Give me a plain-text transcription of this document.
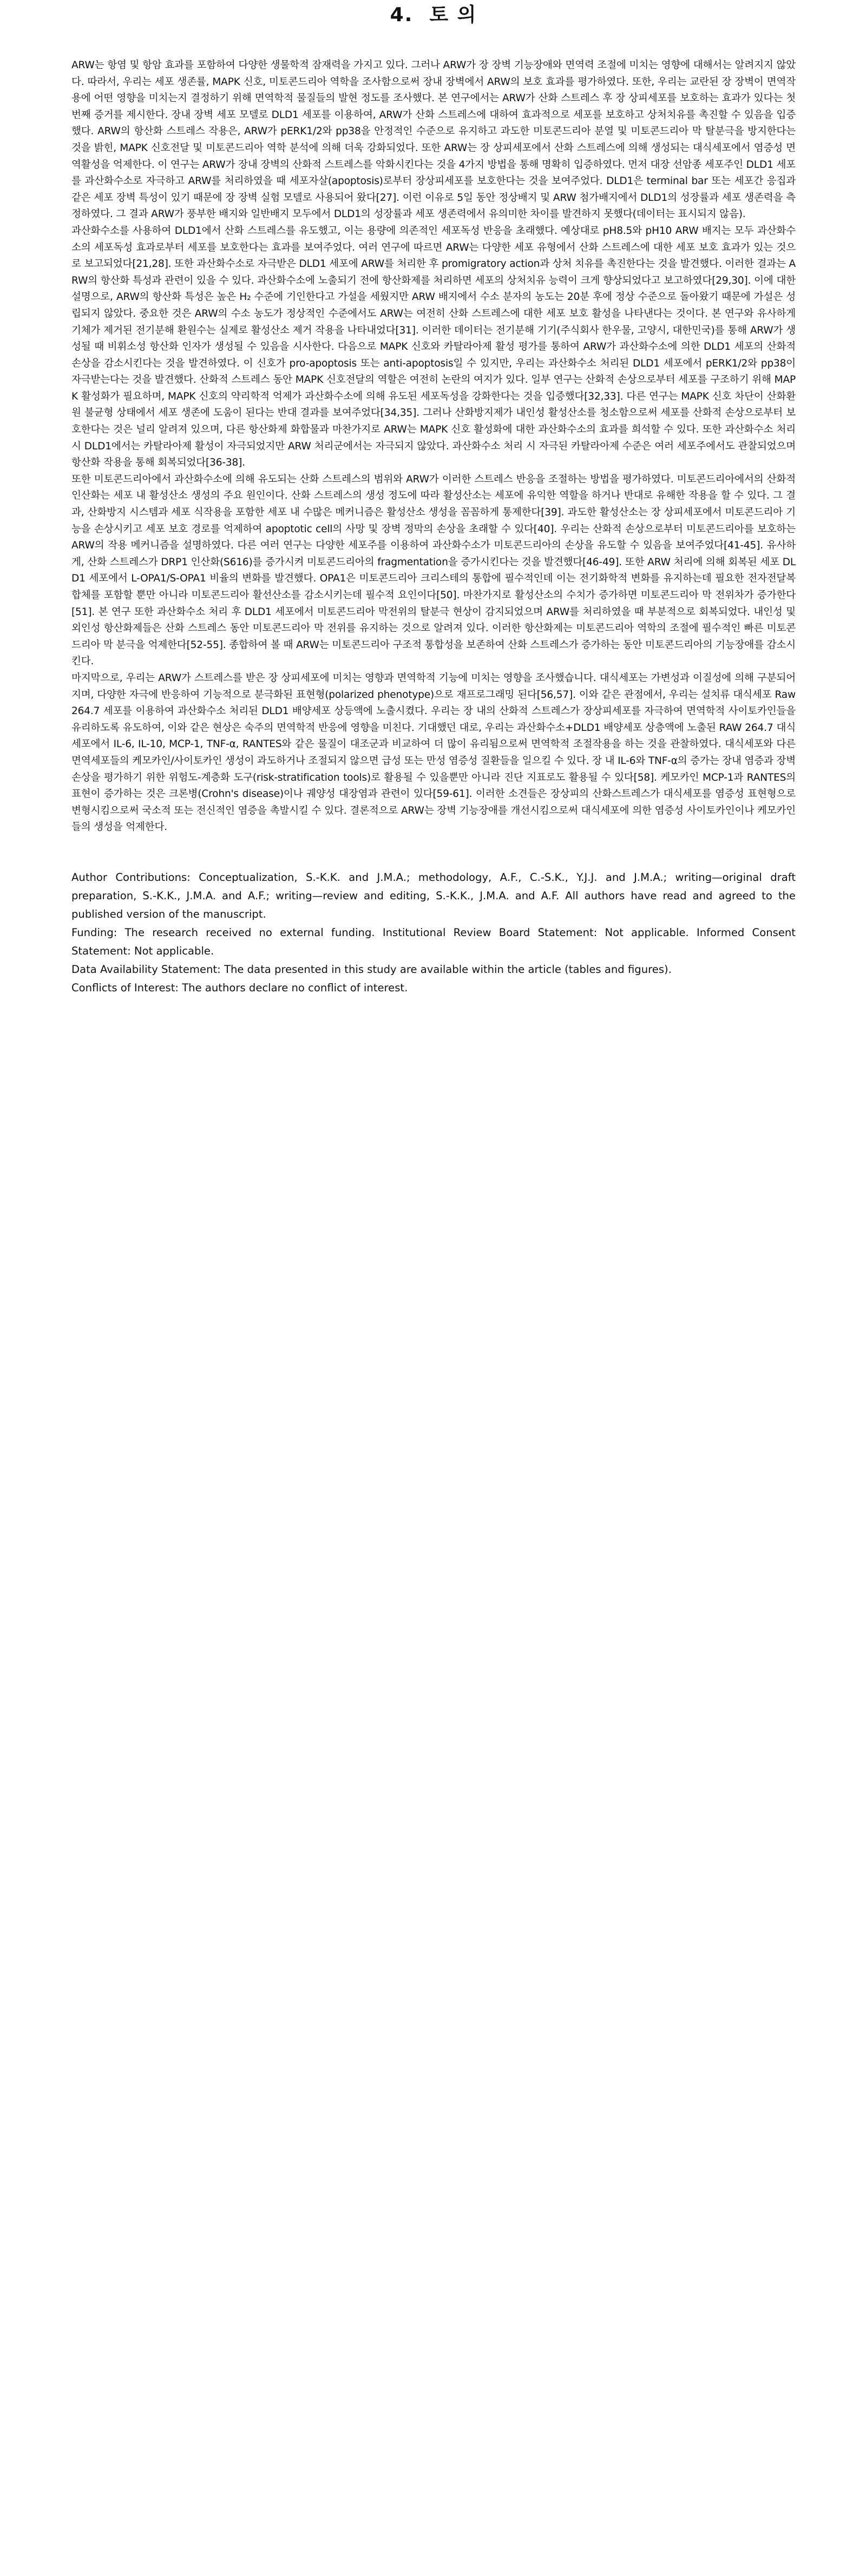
4. 토 의

ARW는 항염 및 항암 효과를 포함하여 다양한 생물학적 잠재력을 가지고 있다. 그러나 ARW가 장 장벽 기능장애와 면역력 조절에 미치는 영향에 대해서는 알려지지 않았다. 따라서, 우리는 세포 생존률, MAPK 신호, 미토콘드리아 역학을 조사함으로써 장내 장벽에서 ARW의 보호 효과를 평가하였다. 또한, 우리는 교란된 장 장벽이 면역작용에 어떤 영향을 미치는지 결정하기 위해 면역학적 물질들의 발현 정도를 조사했다. 본 연구에서는 ARW가 산화 스트레스 후 장 상피세포를 보호하는 효과가 있다는 첫번째 증거를 제시한다. 장내 장벽 세포 모델로 DLD1 세포를 이용하여, ARW가 산화 스트레스에 대하여 효과적으로 세포를 보호하고 상처치유를 촉진할 수 있음을 입증했다. ARW의 항산화 스트레스 작용은, ARW가 pERK1/2와 pp38을 안정적인 수준으로 유지하고 과도한 미토콘드리아 분열 및 미토콘드리아 막 탈분극을 방지한다는 것을 밝힌, MAPK 신호전달 및 미토콘드리아 역학 분석에 의해 더욱 강화되었다. 또한 ARW는 장 상피세포에서 산화 스트레스에 의해 생성되는 대식세포에서 염증성 면역활성을 억제한다. 이 연구는 ARW가 장내 장벽의 산화적 스트레스를 악화시킨다는 것을 4가지 방법을 통해 명확히 입증하였다. 먼저 대장 선암종 세포주인 DLD1 세포를 과산화수소로 자극하고 ARW를 처리하였을 때 세포자살(apoptosis)로부터 장상피세포를 보호한다는 것을 보여주었다. DLD1은 terminal bar 또는 세포간 응집과 같은 세포 장벽 특성이 있기 때문에 장 장벽 실험 모델로 사용되어 왔다[27]. 이런 이유로 5일 동안 정상배지 및 ARW 첨가배지에서 DLD1의 성장률과 세포 생존력을 측정하였다. 그 결과 ARW가 풍부한 배지와 일반배지 모두에서 DLD1의 성장률과 세포 생존력에서 유의미한 차이를 발견하지 못했다(데이터는 표시되지 않음).

과산화수소를 사용하여 DLD1에서 산화 스트레스를 유도했고, 이는 용량에 의존적인 세포독성 반응을 초래했다. 예상대로 pH8.5와 pH10 ARW 배지는 모두 과산화수소의 세포독성 효과로부터 세포를 보호한다는 효과를 보여주었다. 여러 연구에 따르면 ARW는 다양한 세포 유형에서 산화 스트레스에 대한 세포 보호 효과가 있는 것으로 보고되었다[21,28]. 또한 과산화수소로 자극받은 DLD1 세포에 ARW를 처리한 후 promigratory action과 상처 치유를 촉진한다는 것을 발견했다. 이러한 결과는 ARW의 항산화 특성과 관련이 있을 수 있다. 과산화수소에 노출되기 전에 항산화제를 처리하면 세포의 상처치유 능력이 크게 향상되었다고 보고하였다[29,30]. 이에 대한 설명으로, ARW의 항산화 특성은 높은 H₂ 수준에 기인한다고 가설을 세웠지만 ARW 배지에서 수소 분자의 농도는 20분 후에 정상 수준으로 돌아왔기 때문에 가설은 성립되지 않았다. 중요한 것은 ARW의 수소 농도가 정상적인 수준에서도 ARW는 여전히 산화 스트레스에 대한 세포 보호 활성을 나타낸다는 것이다. 본 연구와 유사하게 기체가 제거된 전기분해 환원수는 실제로 활성산소 제거 작용을 나타내었다[31]. 이러한 데이터는 전기분해 기기(주식회사 한우물, 고양시, 대한민국)를 통해 ARW가 생성될 때 비휘소성 항산화 인자가 생성될 수 있음을 시사한다. 다음으로 MAPK 신호와 카탈라아제 활성 평가를 통하여 ARW가 과산화수소에 의한 DLD1 세포의 산화적 손상을 감소시킨다는 것을 발견하였다. 이 신호가 pro-apoptosis 또는 anti-apoptosis일 수 있지만, 우리는 과산화수소 처리된 DLD1 세포에서 pERK1/2와 pp38이 자극받는다는 것을 발견했다. 산화적 스트레스 동안 MAPK 신호전달의 역할은 여전히 논란의 여지가 있다. 일부 연구는 산화적 손상으로부터 세포를 구조하기 위해 MAPK 활성화가 필요하며, MAPK 신호의 약리학적 억제가 과산화수소에 의해 유도된 세포독성을 강화한다는 것을 입증했다[32,33]. 다른 연구는 MAPK 신호 차단이 산화환원 불균형 상태에서 세포 생존에 도움이 된다는 반대 결과를 보여주었다[34,35]. 그러나 산화방지제가 내인성 활성산소를 청소함으로써 세포를 산화적 손상으로부터 보호한다는 것은 널리 알려져 있으며, 다른 항산화제 화합물과 마찬가지로 ARW는 MAPK 신호 활성화에 대한 과산화수소의 효과를 희석할 수 있다. 또한 과산화수소 처리 시 DLD1에서는 카탈라아제 활성이 자극되었지만 ARW 처리군에서는 자극되지 않았다. 과산화수소 처리 시 자극된 카탈라아제 수준은 여러 세포주에서도 관찰되었으며 항산화 작용을 통해 회복되었다[36-38].

또한 미토콘드리아에서 과산화수소에 의해 유도되는 산화 스트레스의 범위와 ARW가 이러한 스트레스 반응을 조절하는 방법을 평가하였다. 미토콘드리아에서의 산화적 인산화는 세포 내 활성산소 생성의 주요 원인이다. 산화 스트레스의 생성 정도에 따라 활성산소는 세포에 유익한 역할을 하거나 반대로 유해한 작용을 할 수 있다. 그 결과, 산화방지 시스템과 세포 식작용을 포함한 세포 내 수많은 메커니즘은 활성산소 생성을 꼼꼼하게 통제한다[39]. 과도한 활성산소는 장 상피세포에서 미토콘드리아 기능을 손상시키고 세포 보호 경로를 억제하여 apoptotic cell의 사망 및 장벽 정막의 손상을 초래할 수 있다[40]. 우리는 산화적 손상으로부터 미토콘드리아를 보호하는 ARW의 작용 메커니즘을 설명하였다. 다른 여러 연구는 다양한 세포주를 이용하여 과산화수소가 미토콘드리아의 손상을 유도할 수 있음을 보여주었다[41-45]. 유사하게, 산화 스트레스가 DRP1 인산화(S616)를 증가시켜 미토콘드리아의 fragmentation을 증가시킨다는 것을 발견했다[46-49]. 또한 ARW 처리에 의해 회복된 세포 DLD1 세포에서 L-OPA1/S-OPA1 비율의 변화를 발견했다. OPA1은 미토콘드리아 크리스테의 통합에 필수적인데 이는 전기화학적 변화를 유지하는데 필요한 전자전달복합체를 포함할 뿐만 아니라 미토콘드리아 활선산소를 감소시키는데 필수적 요인이다[50]. 마찬가지로 활성산소의 수치가 증가하면 미토콘드리아 막 전위차가 증가한다[51]. 본 연구 또한 과산화수소 처리 후 DLD1 세포에서 미토콘드리아 막전위의 탈분극 현상이 감지되었으며 ARW를 처리하였을 때 부분적으로 회복되었다. 내인성 및 외인성 항산화제들은 산화 스트레스 동안 미토콘드리아 막 전위를 유지하는 것으로 알려져 있다. 이러한 항산화제는 미토콘드리아 역학의 조절에 필수적인 빠른 미토콘드리아 막 분극을 억제한다[52-55]. 종합하여 볼 때 ARW는 미토콘드리아 구조적 통합성을 보존하여 산화 스트레스가 증가하는 동안 미토콘드리아의 기능장애를 감소시킨다.

마지막으로, 우리는 ARW가 스트레스를 받은 장 상피세포에 미치는 영향과 면역학적 기능에 미치는 영향을 조사했습니다. 대식세포는 가변성과 이질성에 의해 구분되어지며, 다양한 자극에 반응하여 기능적으로 분극화된 표현형(polarized phenotype)으로 재프로그래밍 된다[56,57]. 이와 같은 관점에서, 우리는 설치류 대식세포 Raw 264.7 세포를 이용하여 과산화수소 처리된 DLD1 배양세포 상등액에 노출시켰다. 우리는 장 내의 산화적 스트레스가 장상피세포를 자극하여 면역학적 사이토카인들을 유리하도록 유도하여, 이와 같은 현상은 숙주의 면역학적 반응에 영향을 미친다. 기대했던 대로, 우리는 과산화수소+DLD1 배양세포 상층액에 노출된 RAW 264.7 대식세포에서 IL-6, IL-10, MCP-1, TNF-α, RANTES와 같은 물질이 대조군과 비교하여 더 많이 유리됨으로써 면역학적 조절작용을 하는 것을 관찰하였다. 대식세포와 다른 면역세포들의 케모카인/사이토카인 생성이 과도하거나 조절되지 않으면 급성 또는 만성 염증성 질환들을 일으킬 수 있다. 장 내 IL-6와 TNF-α의 증가는 장내 염증과 장벽손상을 평가하기 위한 위험도-계층화 도구(risk-stratification tools)로 활용될 수 있을뿐만 아니라 진단 지표로도 활용될 수 있다[58]. 케모카인 MCP-1과 RANTES의 표현이 증가하는 것은 크론병(Crohn's disease)이나 궤양성 대장염과 관련이 있다[59-61]. 이러한 소견들은 장상피의 산화스트레스가 대식세포를 염증성 표현형으로 변형시킴으로써 국소적 또는 전신적인 염증을 촉발시킬 수 있다. 결론적으로 ARW는 장벽 기능장애를 개선시킴으로써 대식세포에 의한 염증성 사이토카인이나 케모카인들의 생성을 억제한다.

Author Contributions: Conceptualization, S.-K.K. and J.M.A.; methodology, A.F., C.-S.K., Y.J.J. and J.M.A.; writing—original draft preparation, S.-K.K., J.M.A. and A.F.; writing—review and editing, S.-K.K., J.M.A. and A.F. All authors have read and agreed to the published version of the manuscript.

Funding: The research received no external funding. Institutional Review Board Statement: Not applicable. Informed Consent Statement: Not applicable.

Data Availability Statement: The data presented in this study are available within the article (tables and figures).

Conflicts of Interest: The authors declare no conflict of interest.
